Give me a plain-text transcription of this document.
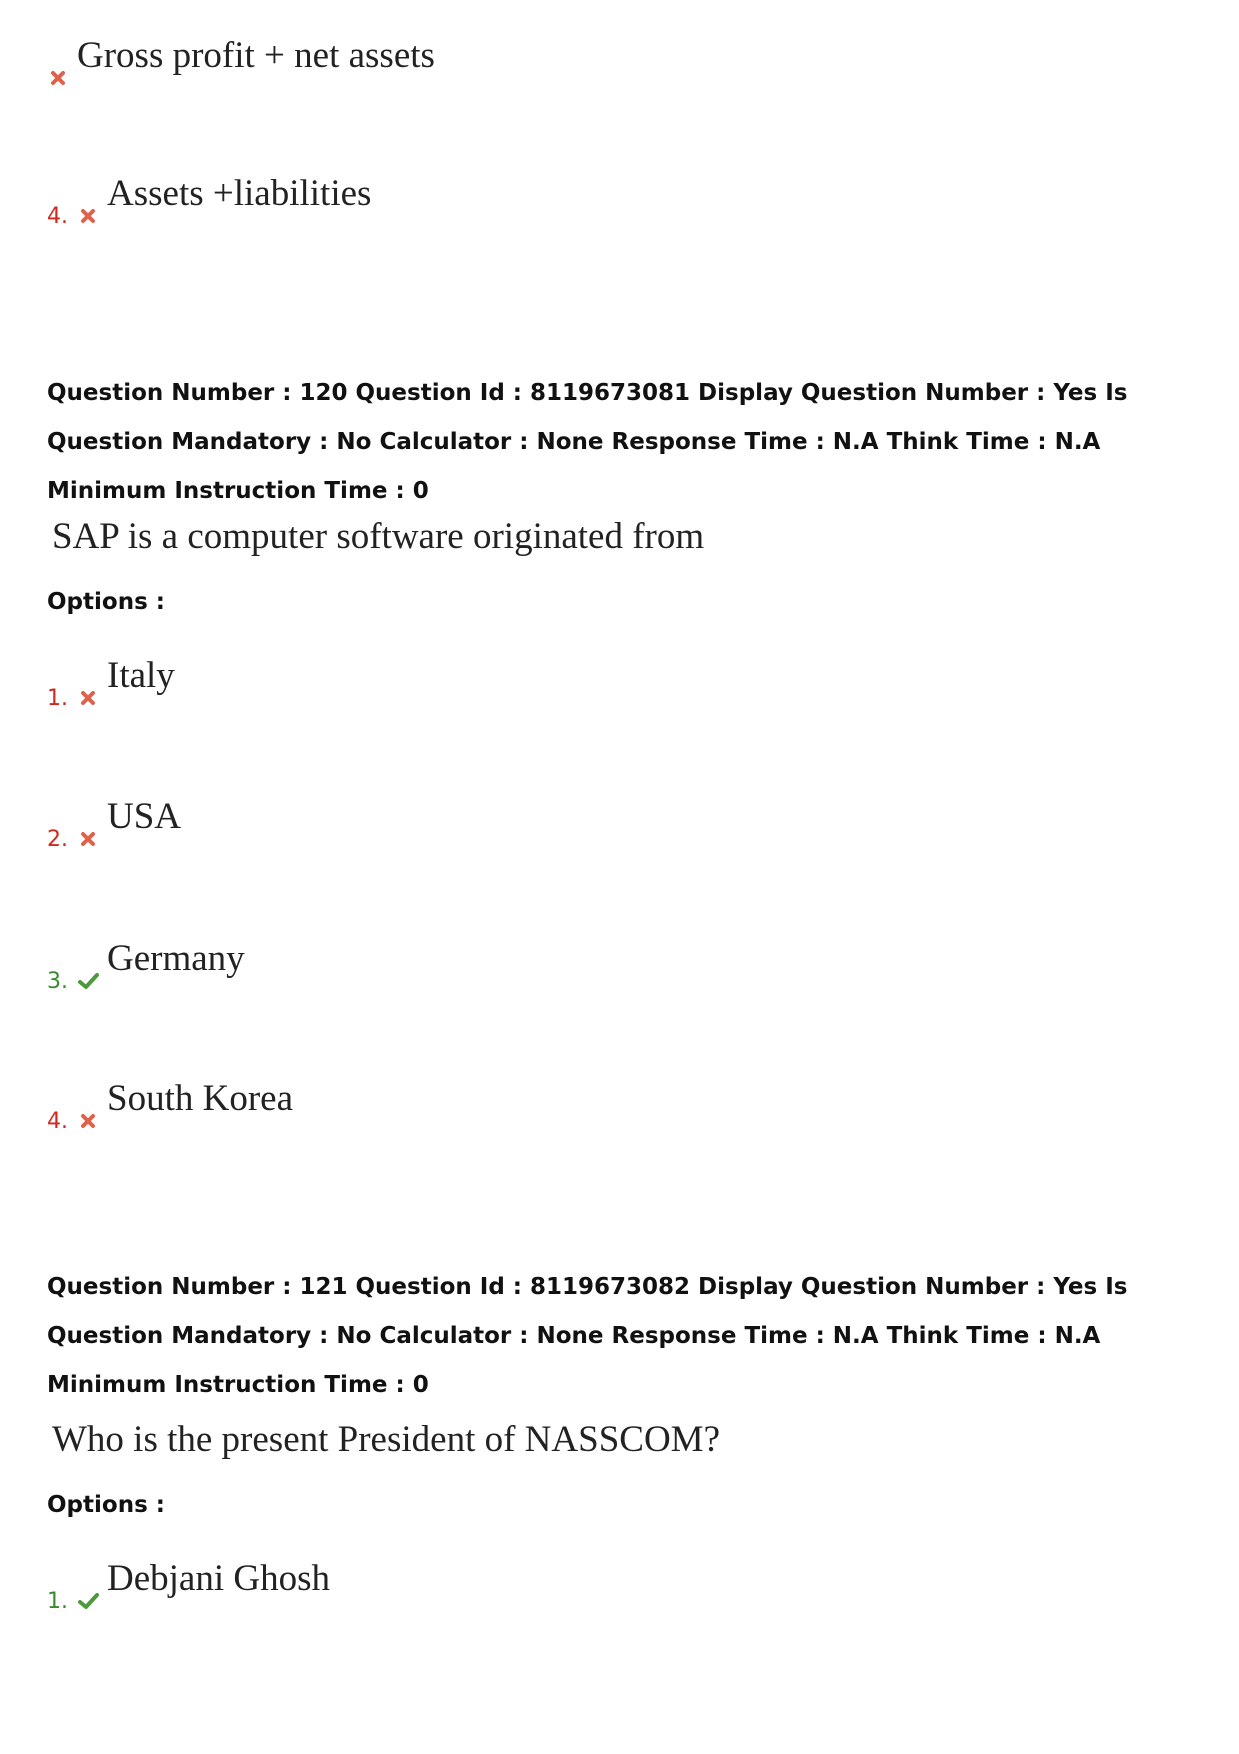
Gross profit + net assets
4.
Assets +liabilities
Question Number : 120 Question Id : 8119673081 Display Question Number : Yes Is Question Mandatory : No Calculator : None Response Time : N.A Think Time : N.A Minimum Instruction Time : 0
SAP is a computer software originated from
Options :
1.
Italy
2.
USA
3.
Germany
4.
South Korea
Question Number : 121 Question Id : 8119673082 Display Question Number : Yes Is Question Mandatory : No Calculator : None Response Time : N.A Think Time : N.A Minimum Instruction Time : 0
Who is the present President of NASSCOM?
Options :
1.
Debjani Ghosh
